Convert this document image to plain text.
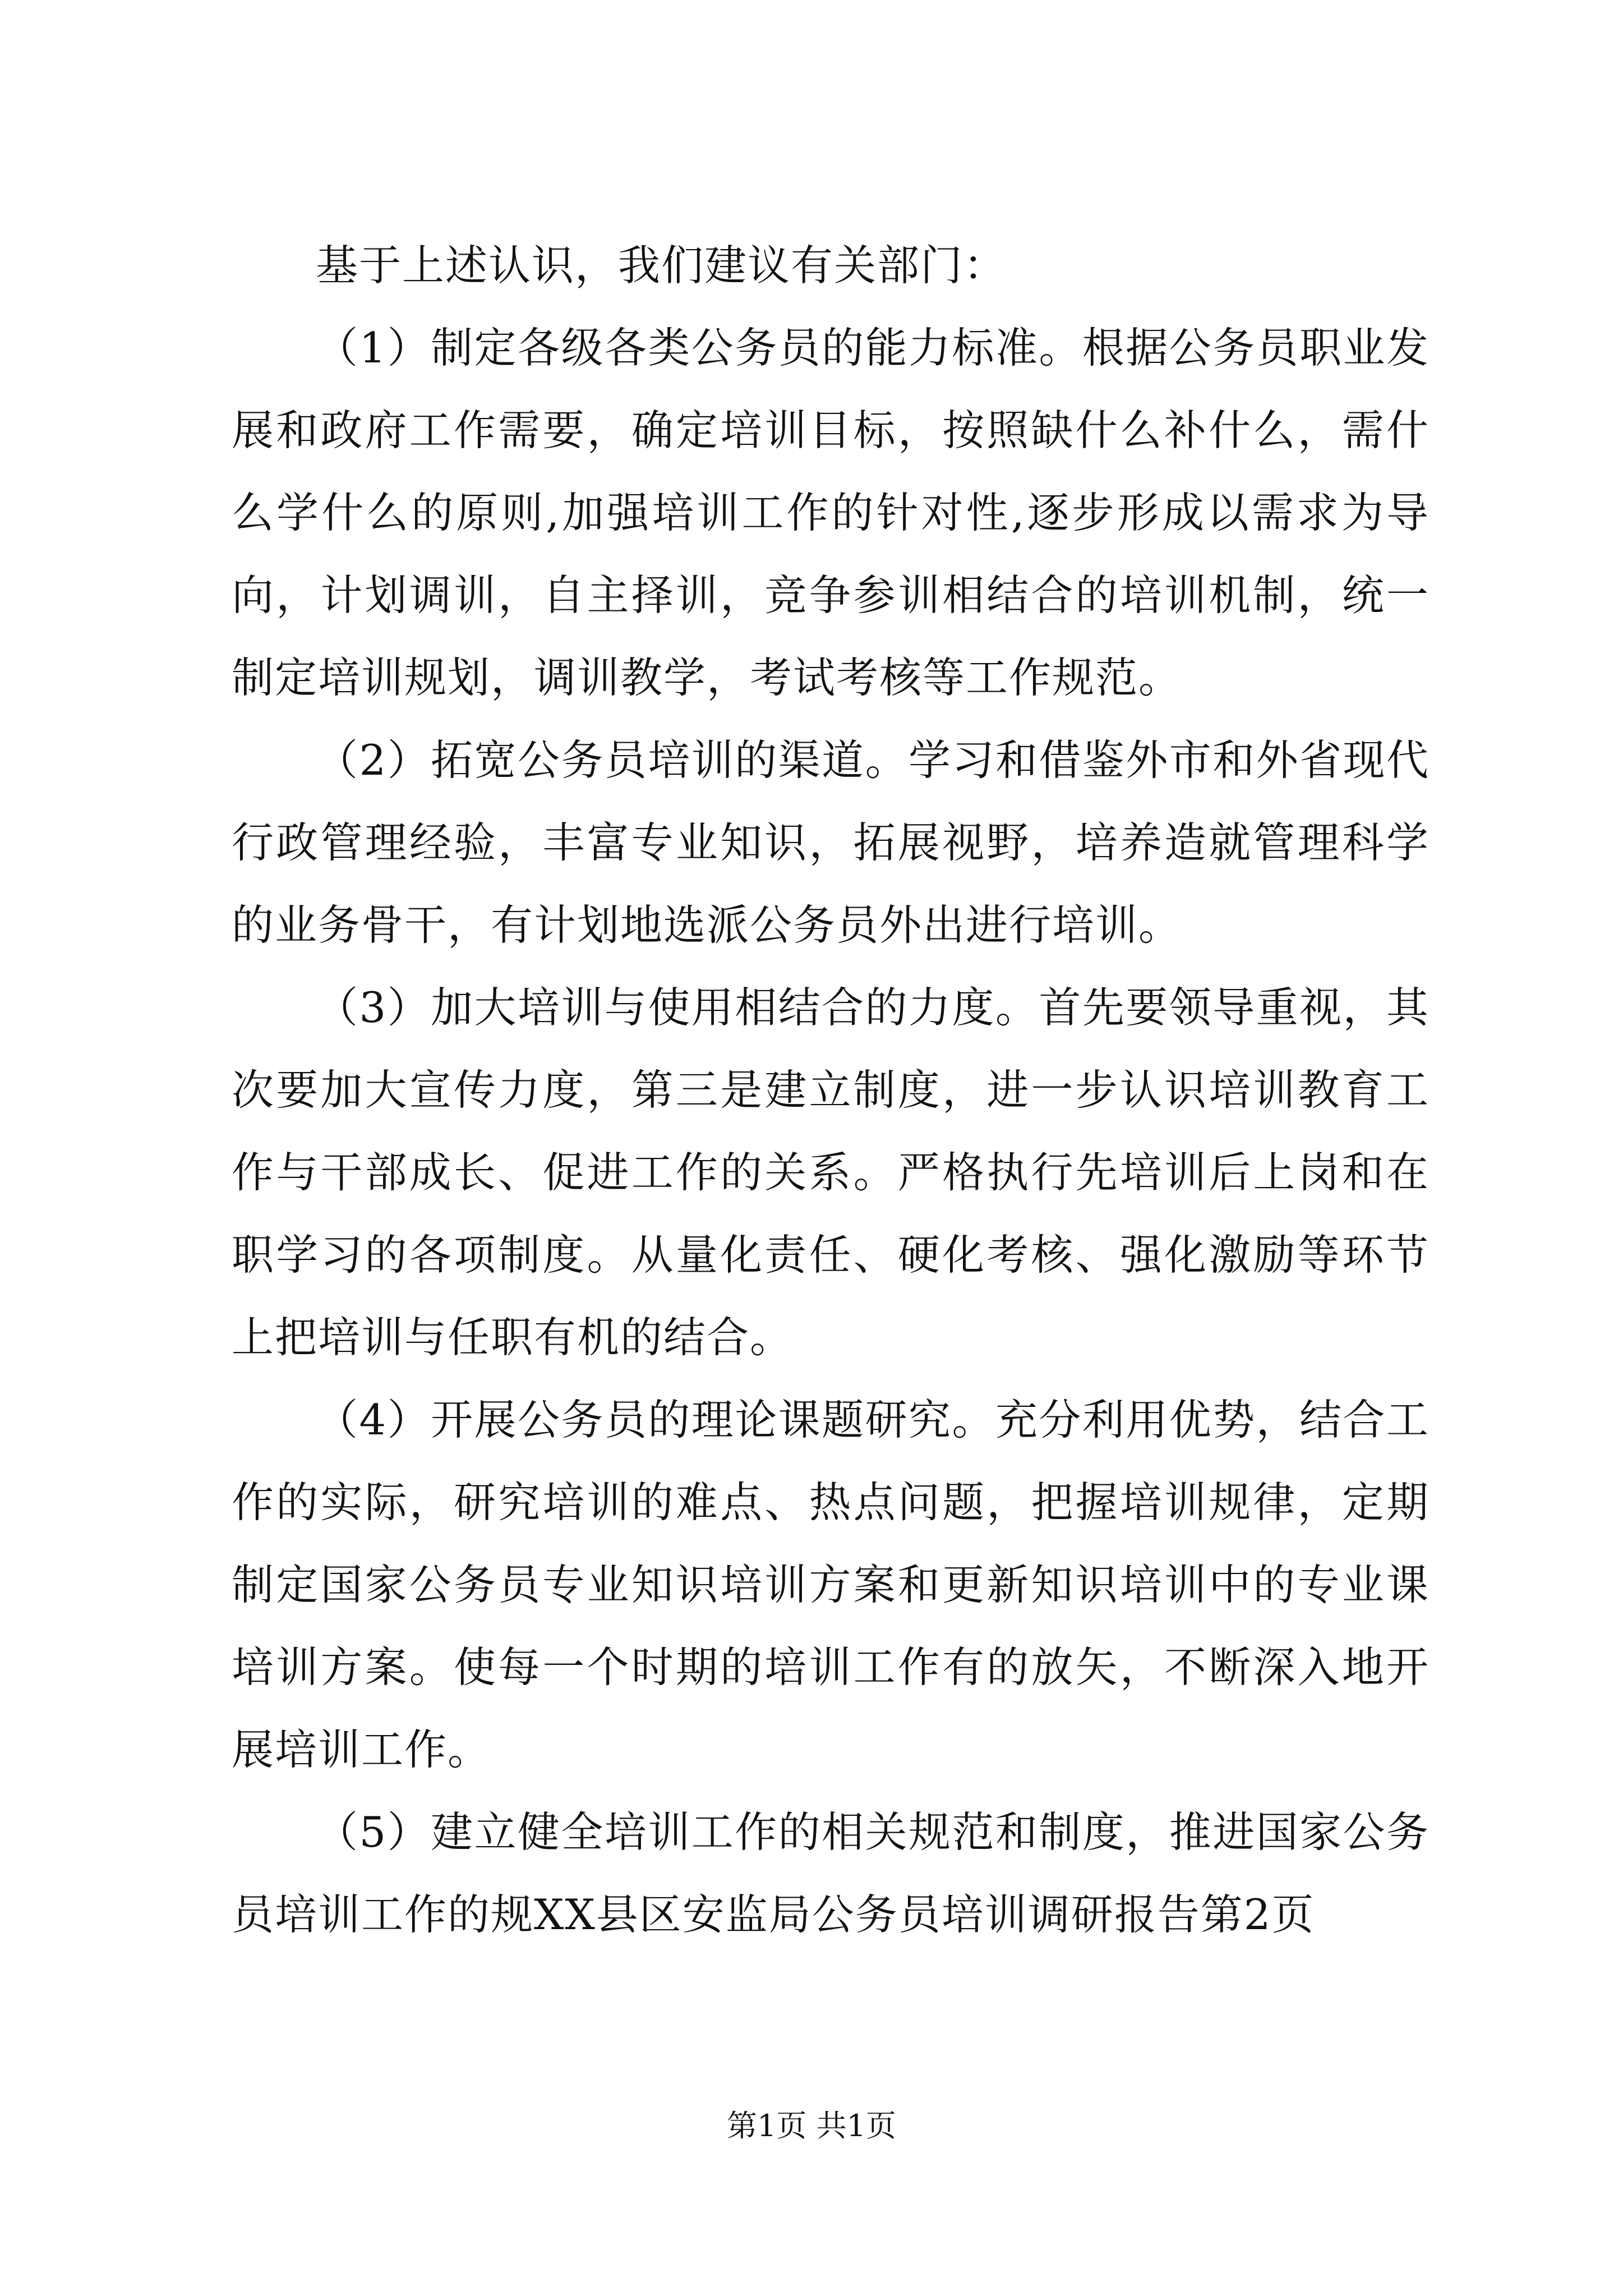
基于上述认识，我们建议有关部门：

（1）制定各级各类公务员的能力标准。根据公务员职业发展和政府工作需要，确定培训目标，按照缺什么补什么，需什么学什么的原则,加强培训工作的针对性,逐步形成以需求为导向，计划调训，自主择训，竞争参训相结合的培训机制，统一制定培训规划，调训教学，考试考核等工作规范。

（2）拓宽公务员培训的渠道。学习和借鉴外市和外省现代行政管理经验，丰富专业知识，拓展视野，培养造就管理科学的业务骨干，有计划地选派公务员外出进行培训。

（3）加大培训与使用相结合的力度。首先要领导重视，其次要加大宣传力度，第三是建立制度，进一步认识培训教育工作与干部成长、促进工作的关系。严格执行先培训后上岗和在职学习的各项制度。从量化责任、硬化考核、强化激励等环节上把培训与任职有机的结合。

（4）开展公务员的理论课题研究。充分利用优势，结合工作的实际，研究培训的难点、热点问题，把握培训规律，定期制定国家公务员专业知识培训方案和更新知识培训中的专业课培训方案。使每一个时期的培训工作有的放矢，不断深入地开展培训工作。

（5）建立健全培训工作的相关规范和制度，推进国家公务员培训工作的规XX县区安监局公务员培训调研报告第2页

第1页 共1页
